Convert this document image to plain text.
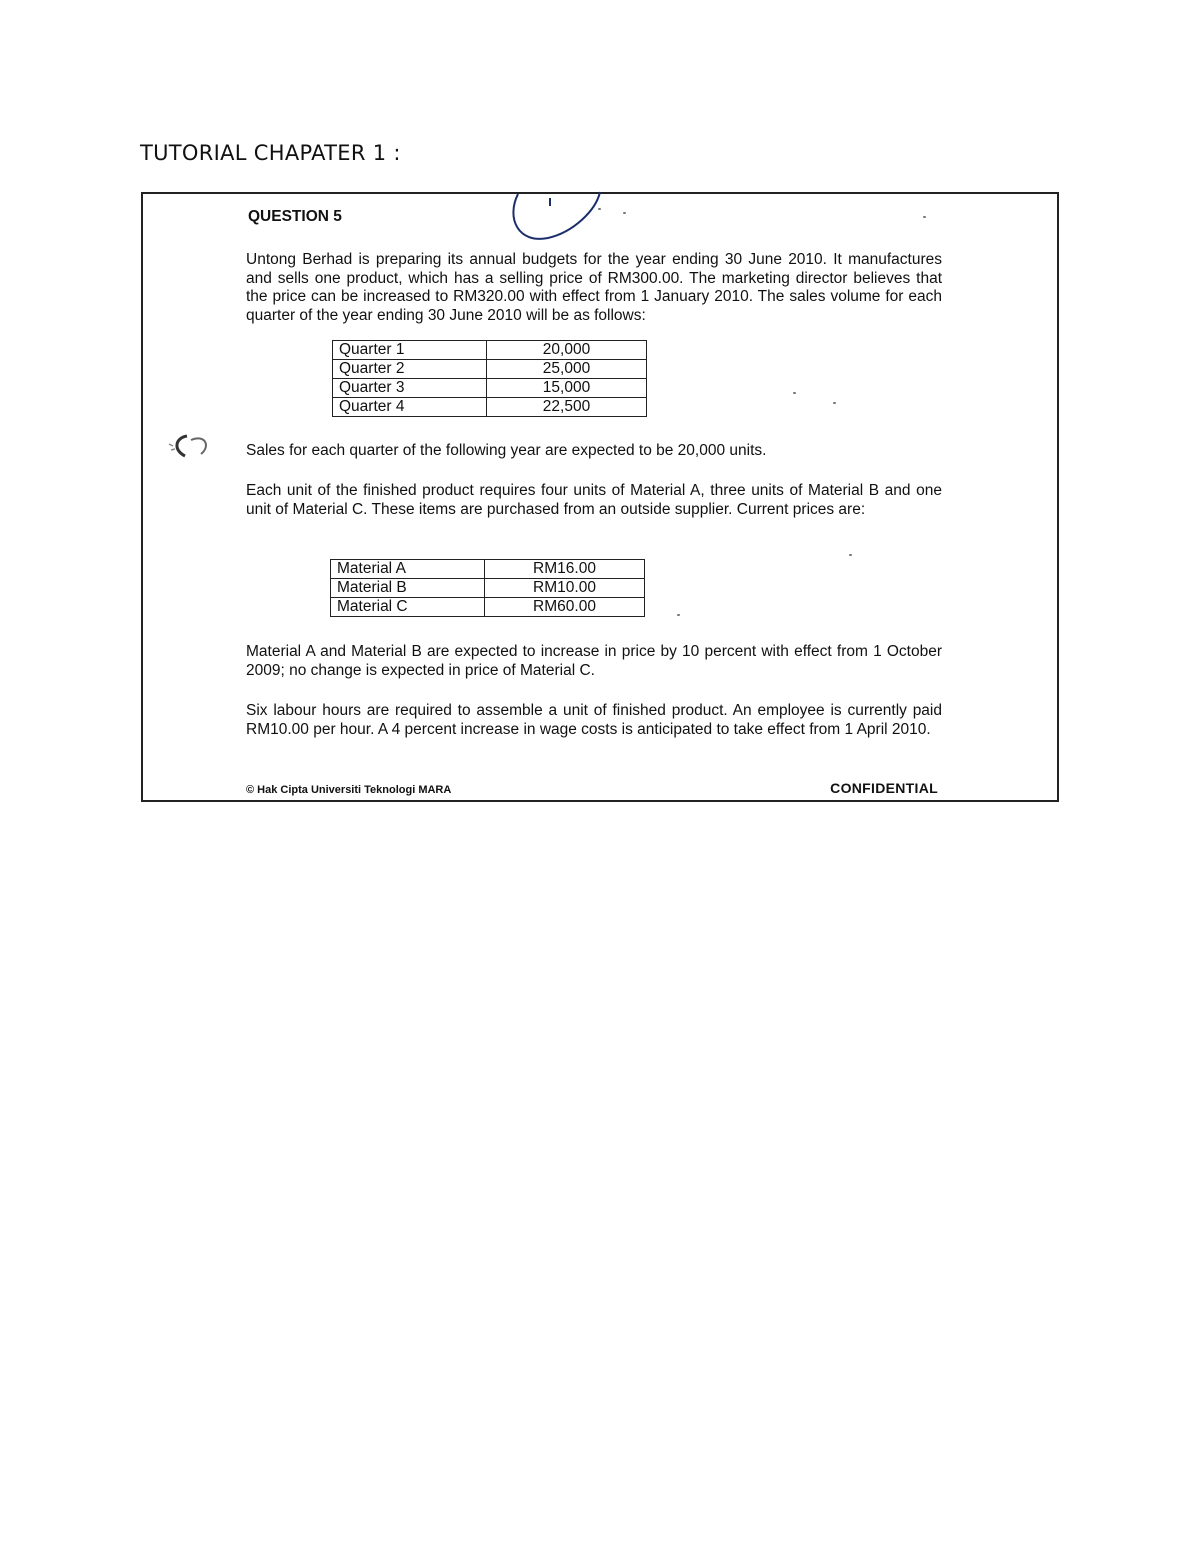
TUTORIAL CHAPATER 1 :
QUESTION 5

Untong Berhad is preparing its annual budgets for the year ending 30 June 2010. It manufactures and sells one product, which has a selling price of RM300.00. The marketing director believes that the price can be increased to RM320.00 with effect from 1 January 2010. The sales volume for each quarter of the year ending 30 June 2010 will be as follows:

Quarter 1	20,000
Quarter 2	25,000
Quarter 3	15,000
Quarter 4	22,500

Sales for each quarter of the following year are expected to be 20,000 units.

Each unit of the finished product requires four units of Material A, three units of Material B and one unit of Material C. These items are purchased from an outside supplier. Current prices are:

Material A	RM16.00
Material B	RM10.00
Material C	RM60.00

Material A and Material B are expected to increase in price by 10 percent with effect from 1 October 2009; no change is expected in price of Material C.

Six labour hours are required to assemble a unit of finished product. An employee is currently paid RM10.00 per hour. A 4 percent increase in wage costs is anticipated to take effect from 1 April 2010.

© Hak Cipta Universiti Teknologi MARA	CONFIDENTIAL
